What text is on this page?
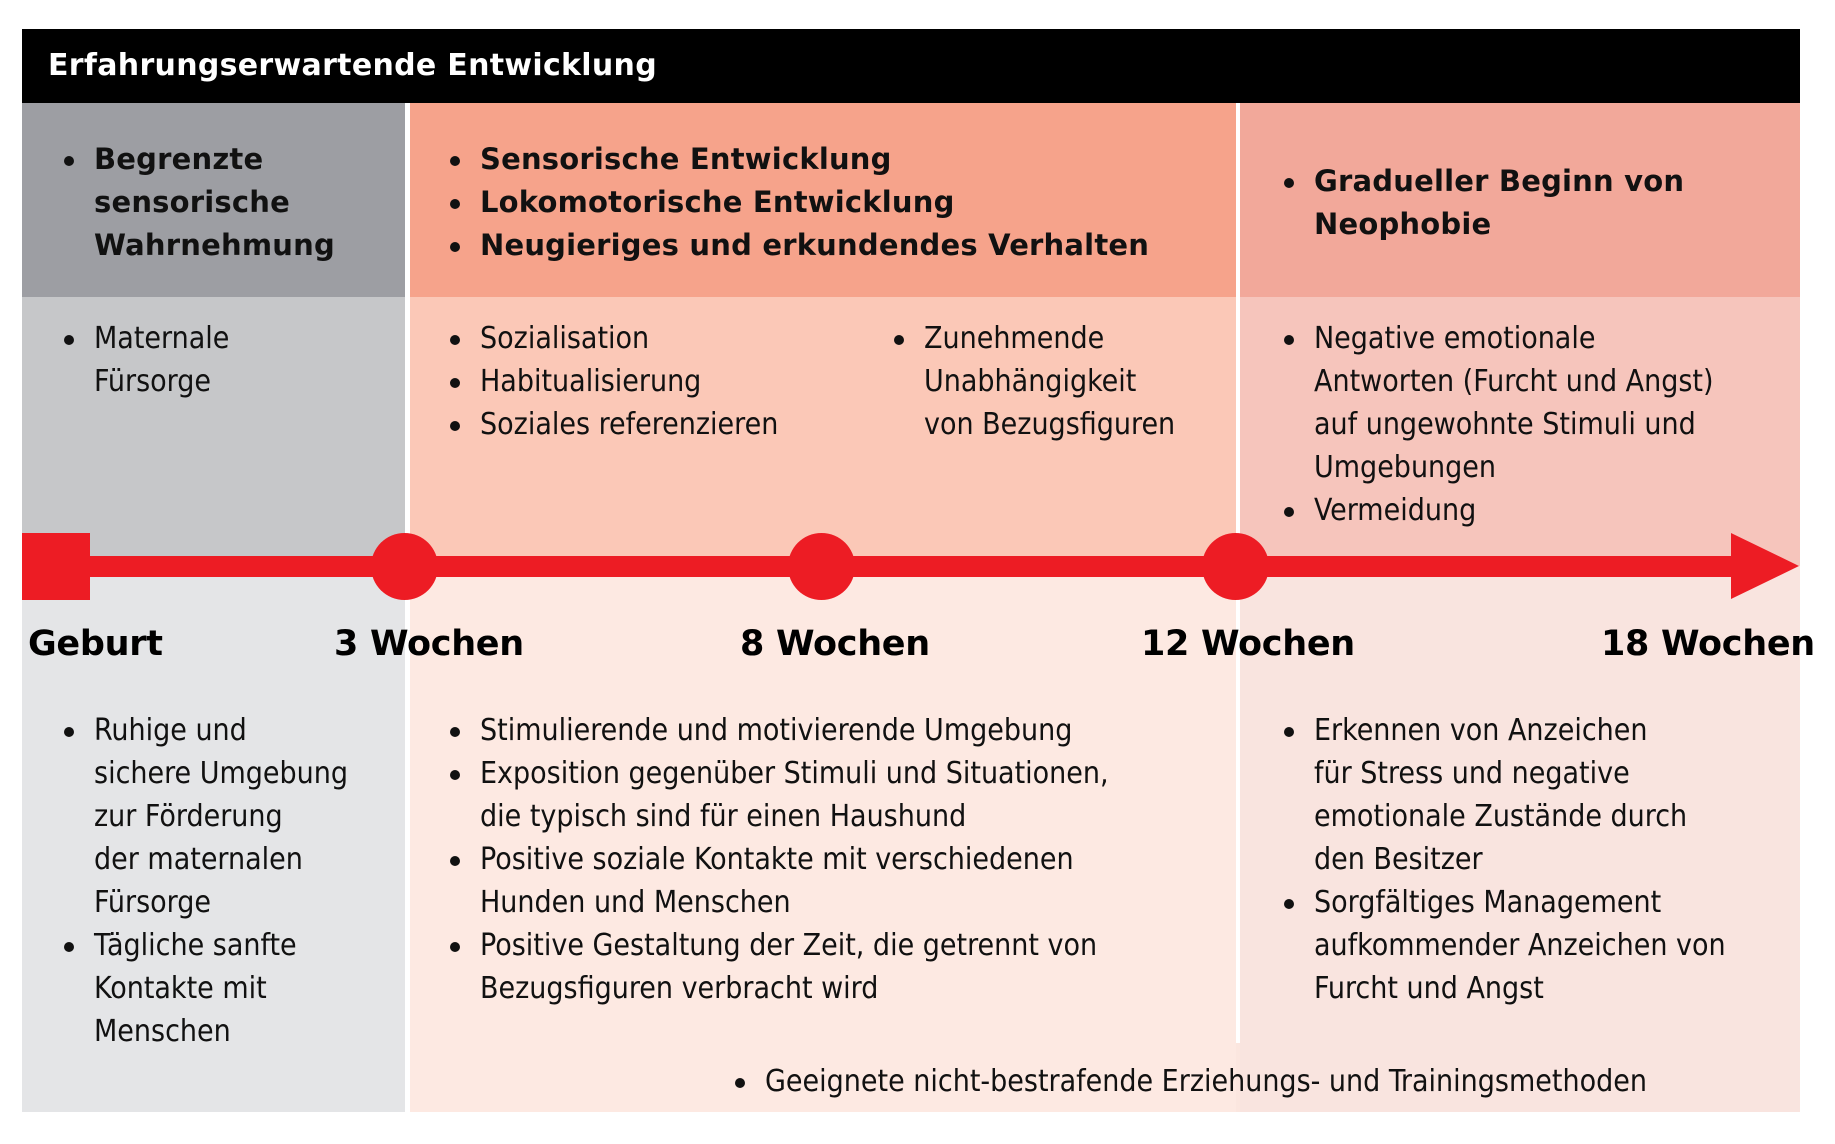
Erfahrungserwartende Entwicklung
Begrenzte
sensorische
Wahrnehmung
Sensorische Entwicklung
Lokomotorische Entwicklung
Neugieriges und erkundendes Verhalten
Gradueller Beginn von
Neophobie
Maternale
Fürsorge
Sozialisation
Habitualisierung
Soziales referenzieren
Zunehmende
Unabhängigkeit
von Bezugsfiguren
Negative emotionale
Antworten (Furcht und Angst)
auf ungewohnte Stimuli und
Umgebungen
Vermeidung
Geburt	3 Wochen	8 Wochen	12 Wochen	18 Wochen
Ruhige und
sichere Umgebung
zur Förderung
der maternalen
Fürsorge
Tägliche sanfte
Kontakte mit
Menschen
Stimulierende und motivierende Umgebung
Exposition gegenüber Stimuli und Situationen,
die typisch sind für einen Haushund
Positive soziale Kontakte mit verschiedenen
Hunden und Menschen
Positive Gestaltung der Zeit, die getrennt von
Bezugsfiguren verbracht wird
Erkennen von Anzeichen
für Stress und negative
emotionale Zustände durch
den Besitzer
Sorgfältiges Management
aufkommender Anzeichen von
Furcht und Angst
Geeignete nicht-bestrafende Erziehungs- und Trainingsmethoden
